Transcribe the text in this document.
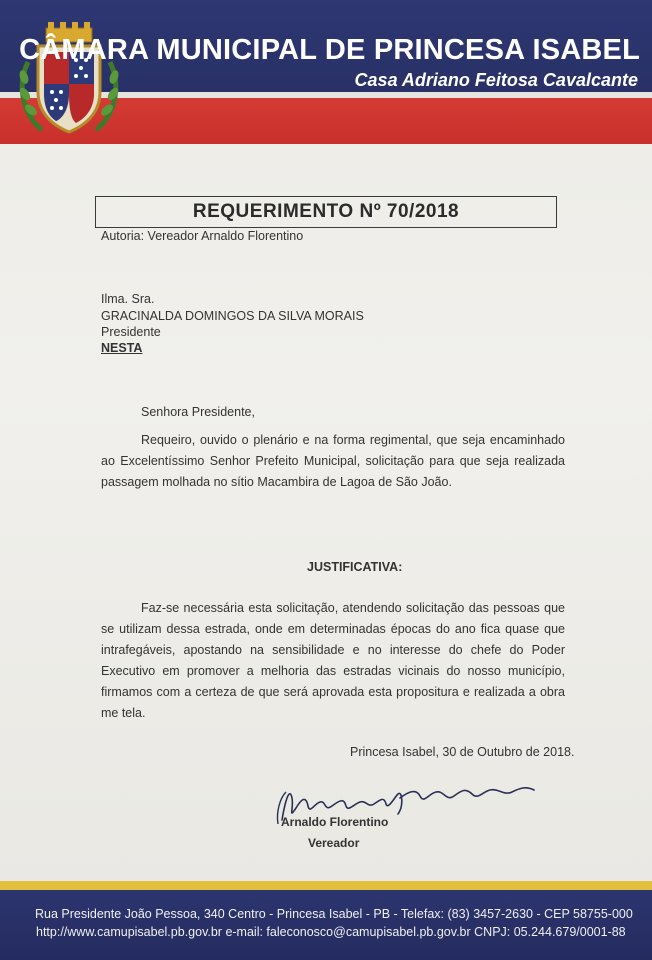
CÂMARA MUNICIPAL DE PRINCESA ISABEL
Casa Adriano Feitosa Cavalcante
REQUERIMENTO Nº 70/2018
Autoria: Vereador Arnaldo Florentino
Ilma. Sra.
GRACINALDA DOMINGOS DA SILVA MORAIS
Presidente
NESTA
Senhora Presidente,
Requeiro, ouvido o plenário e na forma regimental, que seja encaminhado ao Excelentíssimo Senhor Prefeito Municipal, solicitação para que seja realizada passagem molhada no sítio Macambira de Lagoa de São João.
JUSTIFICATIVA:
Faz-se necessária esta solicitação, atendendo solicitação das pessoas que se utilizam dessa estrada, onde em determinadas épocas do ano fica quase que intrafegáveis, apostando na sensibilidade e no interesse do chefe do Poder Executivo em promover a melhoria das estradas vicinais do nosso município, firmamos com a certeza de que será aprovada esta propositura e realizada a obra me tela.
Princesa Isabel, 30 de Outubro de 2018.
Arnaldo Florentino
Vereador
Rua Presidente João Pessoa, 340 Centro - Princesa Isabel - PB - Telefax: (83) 3457-2630 - CEP 58755-000
http://www.camupisabel.pb.gov.br e-mail: faleconosco@camupisabel.pb.gov.br CNPJ: 05.244.679/0001-88
